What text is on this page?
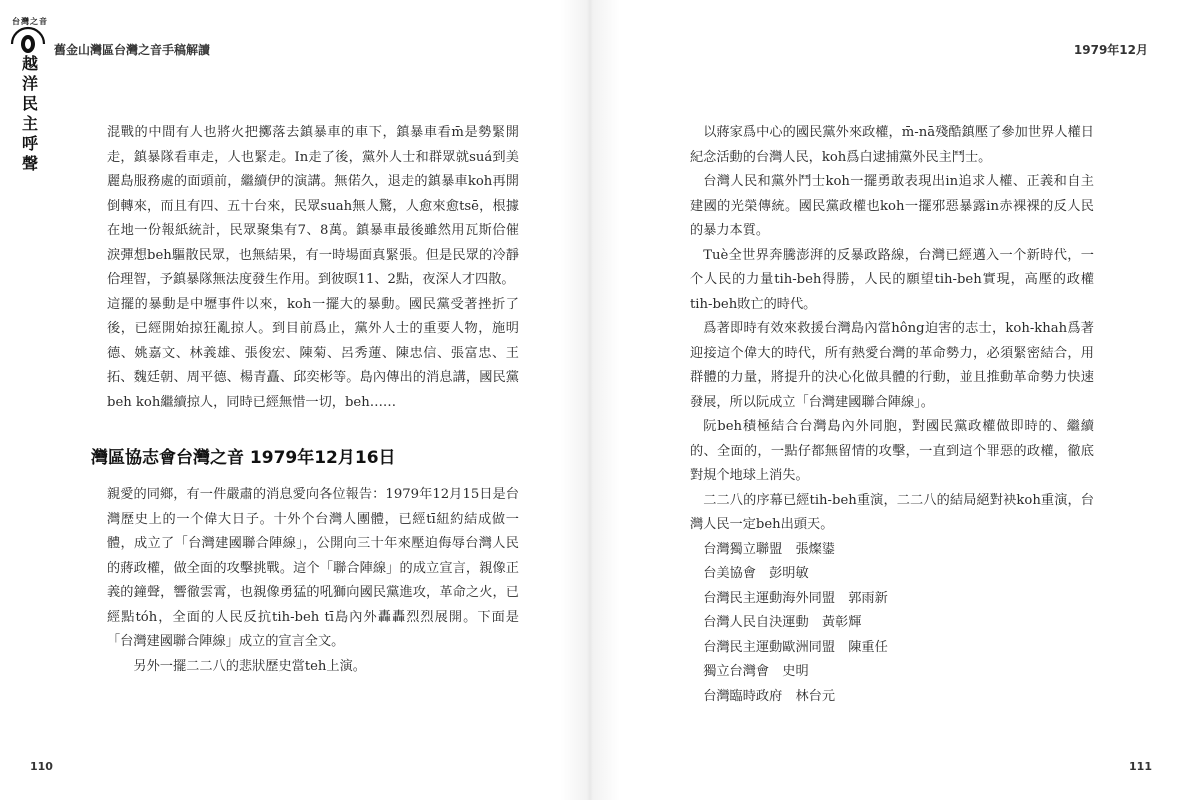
台灣之音
越洋民主呼聲
舊金山灣區台灣之音手稿解讀	1979年12月

混戰的中間有人也將火把擲落去鎮暴車的車下，鎮暴車看m̄是勢緊開走，鎮暴隊看車走，人也緊走。In走了後，黨外人士和群眾就suá到美麗島服務處的面頭前，繼續伊的演講。無偌久，退走的鎮暴車koh再開倒轉來，而且有四、五十台來，民眾suah無人驚，人愈來愈tsē，根據在地一份報紙統計，民眾聚集有7、8萬。鎮暴車最後雖然用瓦斯佮催淚彈想beh驅散民眾，也無結果，有一時場面真緊張。但是民眾的冷靜佮理智，予鎮暴隊無法度發生作用。到彼暝11、2點，夜深人才四散。

這擺的暴動是中壢事件以來，koh一擺大的暴動。國民黨受著挫折了後，已經開始掠狂亂掠人。到目前爲止，黨外人士的重要人物，施明德、姚嘉文、林義雄、張俊宏、陳菊、呂秀蓮、陳忠信、張富忠、王拓、魏廷朝、周平德、楊青矗、邱奕彬等。島內傳出的消息講，國民黨beh koh繼續掠人，同時已經無惜一切，beh……

灣區協志會台灣之音 1979年12月16日

親愛的同鄉，有一件嚴肅的消息愛向各位報告：1979年12月15日是台灣歷史上的一个偉大日子。十外个台灣人團體，已經tī紐約結成做一體，成立了「台灣建國聯合陣線」，公開向三十年來壓迫侮辱台灣人民的蔣政權，做全面的攻擊挑戰。這个「聯合陣線」的成立宣言，親像正義的鐘聲，響徹雲霄，也親像勇猛的吼獅向國民黨進攻，革命之火，已經點tóh，全面的人民反抗tih-beh tī島內外轟轟烈烈展開。下面是「台灣建國聯合陣線」成立的宣言全文。

另外一擺二二八的悲狀歷史當teh上演。

以蔣家爲中心的國民黨外來政權，m̄-nā殘酷鎮壓了參加世界人權日紀念活動的台灣人民，koh爲白逮捕黨外民主鬥士。

台灣人民和黨外鬥士koh一擺勇敢表現出in追求人權、正義和自主建國的光榮傳統。國民黨政權也koh一擺邪惡暴露in赤裸裸的反人民的暴力本質。

Tuè全世界奔騰澎湃的反暴政路線，台灣已經邁入一个新時代，一个人民的力量tih-beh得勝，人民的願望tih-beh實現，高壓的政權tih-beh敗亡的時代。

爲著即時有效來救援台灣島內當hông迫害的志士，koh-khah爲著迎接這个偉大的時代，所有熱愛台灣的革命勢力，必須緊密結合，用群體的力量，將提升的決心化做具體的行動，並且推動革命勢力快速發展，所以阮成立「台灣建國聯合陣線」。

阮beh積極結合台灣島內外同胞，對國民黨政權做即時的、繼續的、全面的，一點仔都無留情的攻擊，一直到這个罪惡的政權，徹底對規个地球上消失。

二二八的序幕已經tih-beh重演，二二八的結局絕對袂koh重演，台灣人民一定beh出頭天。

台灣獨立聯盟　張燦鍙

台美協會　彭明敏

台灣民主運動海外同盟　郭雨新

台灣人民自決運動　黃彰輝

台灣民主運動歐洲同盟　陳重任

獨立台灣會　史明

台灣臨時政府　林台元

110	111
